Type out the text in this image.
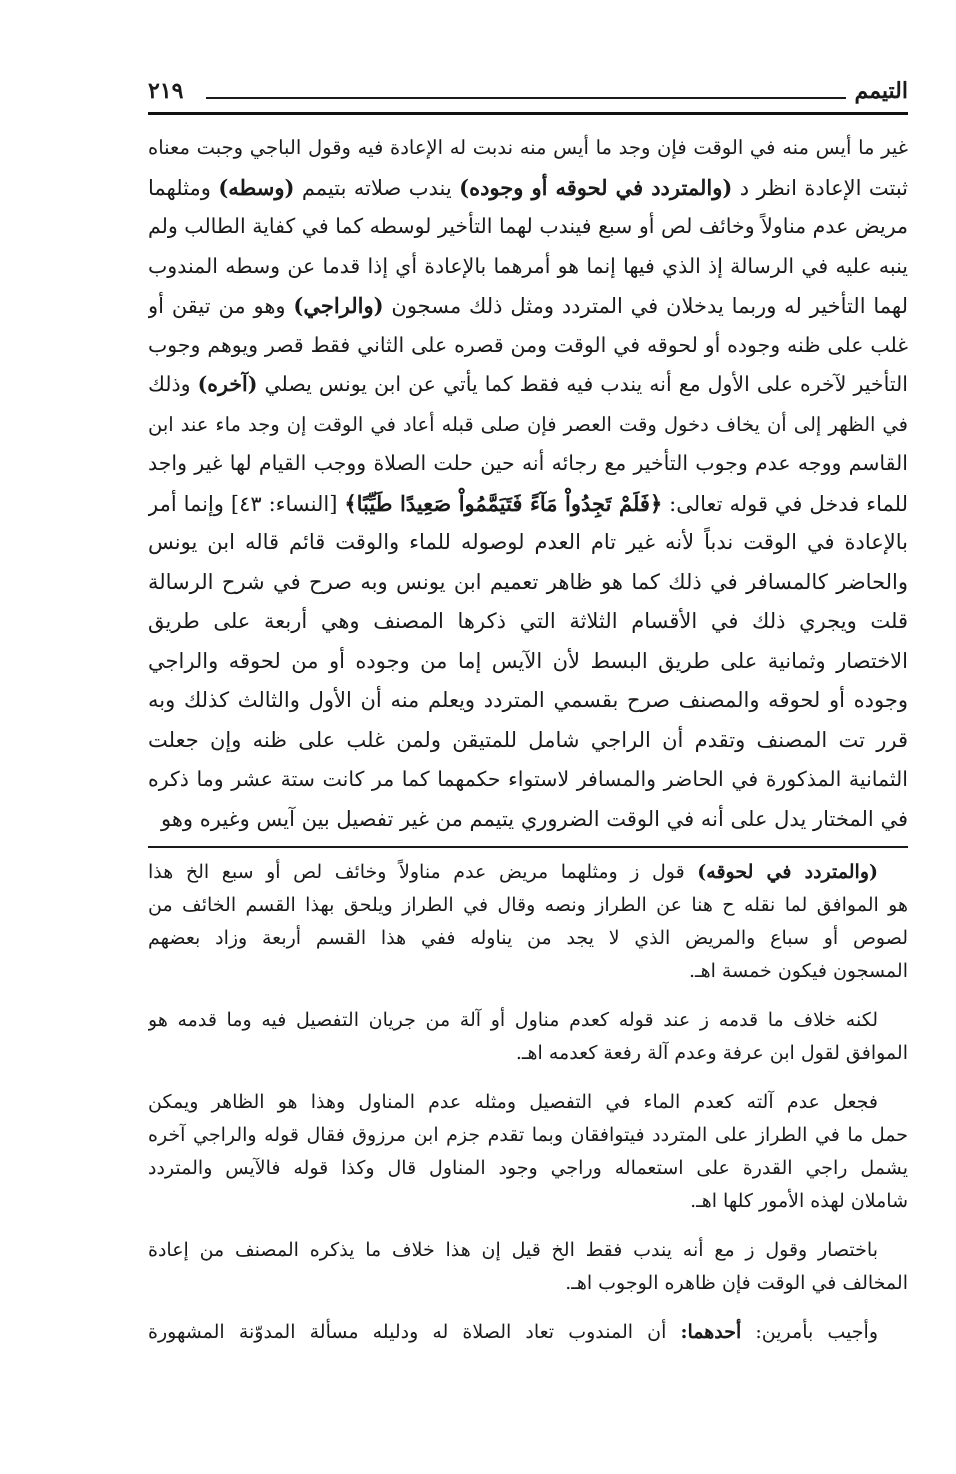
التيمم
٢١٩
غير ما أيس منه في الوقت فإن وجد ما أيس منه ندبت له الإعادة فيه وقول الباجي وجبت معناه
ثبتت الإعادة انظر د (والمتردد في لحوقه أو وجوده) يندب صلاته بتيمم (وسطه) ومثلهما
مريض عدم مناولاً وخائف لص أو سبع فيندب لهما التأخير لوسطه كما في كفاية الطالب ولم
ينبه عليه في الرسالة إذ الذي فيها إنما هو أمرهما بالإعادة أي إذا قدما عن وسطه المندوب
لهما التأخير له وربما يدخلان في المتردد ومثل ذلك مسجون (والراجي) وهو من تيقن أو
غلب على ظنه وجوده أو لحوقه في الوقت ومن قصره على الثاني فقط قصر ويوهم وجوب
التأخير لآخره على الأول مع أنه يندب فيه فقط كما يأتي عن ابن يونس يصلي (آخره) وذلك
في الظهر إلى أن يخاف دخول وقت العصر فإن صلى قبله أعاد في الوقت إن وجد ماء عند ابن
القاسم ووجه عدم وجوب التأخير مع رجائه أنه حين حلت الصلاة ووجب القيام لها غير واجد
للماء فدخل في قوله تعالى: ﴿فَلَمْ تَجِدُواْ مَآءً فَتَيَمَّمُواْ صَعِيدًا طَيِّبًا﴾ [النساء: ٤٣] وإنما أمر
بالإعادة في الوقت ندباً لأنه غير تام العدم لوصوله للماء والوقت قائم قاله ابن يونس
والحاضر كالمسافر في ذلك كما هو ظاهر تعميم ابن يونس وبه صرح في شرح الرسالة
قلت ويجري ذلك في الأقسام الثلاثة التي ذكرها المصنف وهي أربعة على طريق
الاختصار وثمانية على طريق البسط لأن الآيس إما من وجوده أو من لحوقه والراجي
وجوده أو لحوقه والمصنف صرح بقسمي المتردد ويعلم منه أن الأول والثالث كذلك وبه
قرر تت المصنف وتقدم أن الراجي شامل للمتيقن ولمن غلب على ظنه وإن جعلت
الثمانية المذكورة في الحاضر والمسافر لاستواء حكمهما كما مر كانت ستة عشر وما ذكره
في المختار يدل على أنه في الوقت الضروري يتيمم من غير تفصيل بين آيس وغيره وهو
(والمتردد في لحوقه) قول ز ومثلهما مريض عدم مناولاً وخائف لص أو سبع الخ هذا
هو الموافق لما نقله ح هنا عن الطراز ونصه وقال في الطراز ويلحق بهذا القسم الخائف من
لصوص أو سباع والمريض الذي لا يجد من يناوله ففي هذا القسم أربعة وزاد بعضهم
المسجون فيكون خمسة اهـ.
لكنه خلاف ما قدمه ز عند قوله كعدم مناول أو آلة من جريان التفصيل فيه وما قدمه هو
الموافق لقول ابن عرفة وعدم آلة رفعة كعدمه اهـ.
فجعل عدم آلته كعدم الماء في التفصيل ومثله عدم المناول وهذا هو الظاهر ويمكن
حمل ما في الطراز على المتردد فيتوافقان وبما تقدم جزم ابن مرزوق فقال قوله والراجي آخره
يشمل راجي القدرة على استعماله وراجي وجود المناول قال وكذا قوله فالآيس والمتردد
شاملان لهذه الأمور كلها اهـ.
باختصار وقول ز مع أنه يندب فقط الخ قيل إن هذا خلاف ما يذكره المصنف من إعادة
المخالف في الوقت فإن ظاهره الوجوب اهـ.
وأجيب بأمرين: أحدهما: أن المندوب تعاد الصلاة له ودليله مسألة المدوّنة المشهورة
